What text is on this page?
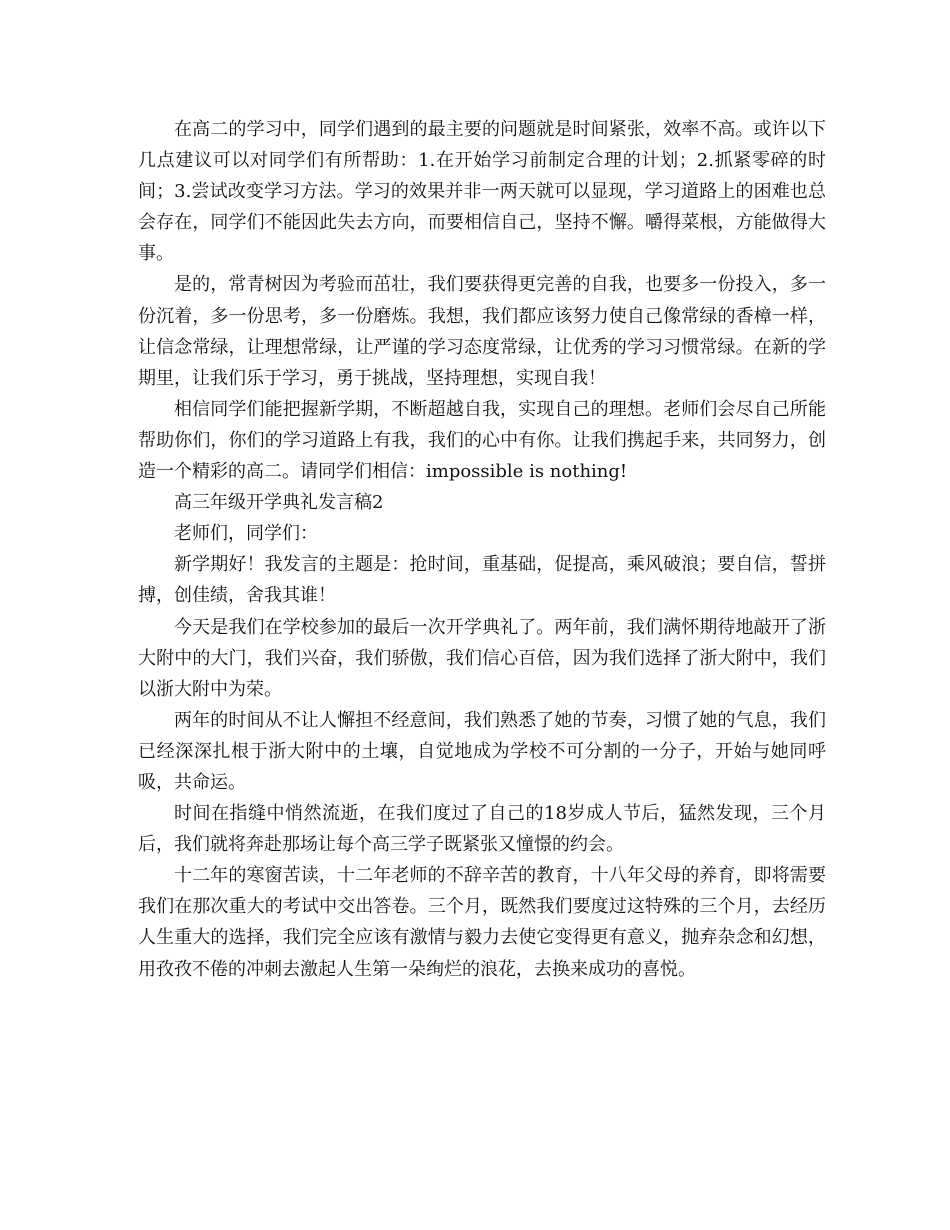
在高二的学习中，同学们遇到的最主要的问题就是时间紧张，效率不高。或许以下几点建议可以对同学们有所帮助：1.在开始学习前制定合理的计划；2.抓紧零碎的时间；3.尝试改变学习方法。学习的效果并非一两天就可以显现，学习道路上的困难也总会存在，同学们不能因此失去方向，而要相信自己，坚持不懈。嚼得菜根，方能做得大事。

是的，常青树因为考验而茁壮，我们要获得更完善的自我，也要多一份投入，多一份沉着，多一份思考，多一份磨炼。我想，我们都应该努力使自己像常绿的香樟一样，让信念常绿，让理想常绿，让严谨的学习态度常绿，让优秀的学习习惯常绿。在新的学期里，让我们乐于学习，勇于挑战，坚持理想，实现自我！

相信同学们能把握新学期，不断超越自我，实现自己的理想。老师们会尽自己所能帮助你们，你们的学习道路上有我，我们的心中有你。让我们携起手来，共同努力，创造一个精彩的高二。请同学们相信：impossible is nothing!

高三年级开学典礼发言稿2

老师们，同学们：

新学期好！我发言的主题是：抢时间，重基础，促提高，乘风破浪；要自信，誓拼搏，创佳绩，舍我其谁！

今天是我们在学校参加的最后一次开学典礼了。两年前，我们满怀期待地敲开了浙大附中的大门，我们兴奋，我们骄傲，我们信心百倍，因为我们选择了浙大附中，我们以浙大附中为荣。

两年的时间从不让人懈担不经意间，我们熟悉了她的节奏，习惯了她的气息，我们已经深深扎根于浙大附中的土壤，自觉地成为学校不可分割的一分子，开始与她同呼吸，共命运。

时间在指缝中悄然流逝，在我们度过了自己的18岁成人节后，猛然发现，三个月后，我们就将奔赴那场让每个高三学子既紧张又憧憬的约会。

十二年的寒窗苦读，十二年老师的不辞辛苦的教育，十八年父母的养育，即将需要我们在那次重大的考试中交出答卷。三个月，既然我们要度过这特殊的三个月，去经历人生重大的选择，我们完全应该有激情与毅力去使它变得更有意义，抛弃杂念和幻想，用孜孜不倦的冲刺去激起人生第一朵绚烂的浪花，去换来成功的喜悦。
